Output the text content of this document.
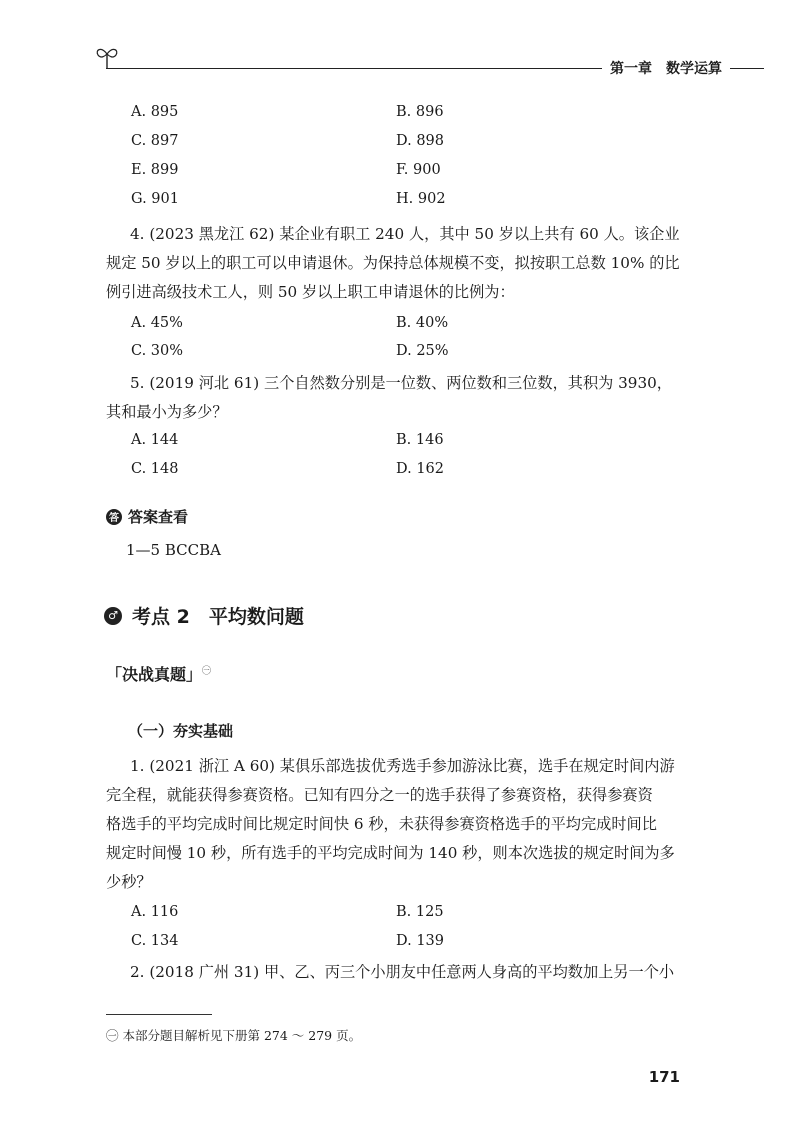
第一章　数学运算
A. 895	B. 896
C. 897	D. 898
E. 899	F. 900
G. 901	H. 902
4. (2023 黑龙江 62) 某企业有职工 240 人，其中 50 岁以上共有 60 人。该企业
规定 50 岁以上的职工可以申请退休。为保持总体规模不变，拟按职工总数 10% 的比
例引进高级技术工人，则 50 岁以上职工申请退休的比例为：
A. 45%	B. 40%
C. 30%	D. 25%
5. (2019 河北 61) 三个自然数分别是一位数、两位数和三位数，其积为 3930，
其和最小为多少？
A. 144	B. 146
C. 148	D. 162
答 答案查看
1—5 BCCBA
♂ 考点 2　平均数问题
「决战真题」$^㊀$
（一）夯实基础
1. (2021 浙江 A 60) 某俱乐部选拔优秀选手参加游泳比赛，选手在规定时间内游
完全程，就能获得参赛资格。已知有四分之一的选手获得了参赛资格，获得参赛资
格选手的平均完成时间比规定时间快 6 秒，未获得参赛资格选手的平均完成时间比
规定时间慢 10 秒，所有选手的平均完成时间为 140 秒，则本次选拔的规定时间为多
少秒？
A. 116	B. 125
C. 134	D. 139
2. (2018 广州 31) 甲、乙、丙三个小朋友中任意两人身高的平均数加上另一个小
㊀ 本部分题目解析见下册第 274 ～ 279 页。
171
